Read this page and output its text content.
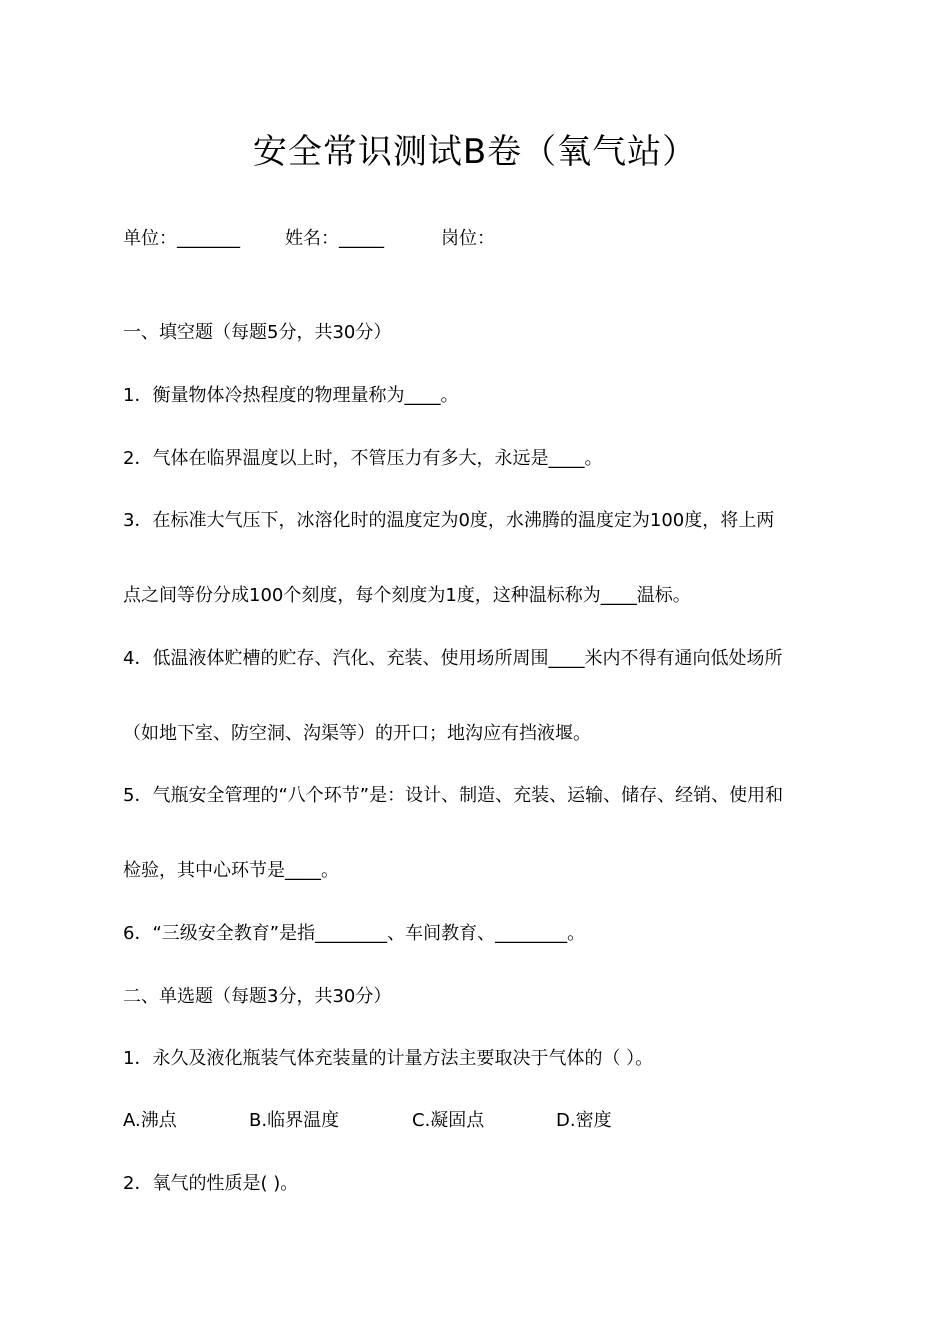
安全常识测试B卷（氧气站）
单位：_______	姓名：_____	岗位：

一、填空题（每题5分，共30分）

1．衡量物体冷热程度的物理量称为____。

2．气体在临界温度以上时，不管压力有多大，永远是____。

3．在标准大气压下，冰溶化时的温度定为0度，水沸腾的温度定为100度，将上两

点之间等份分成100个刻度，每个刻度为1度，这种温标称为____温标。

4．低温液体贮槽的贮存、汽化、充装、使用场所周围____米内不得有通向低处场所

（如地下室、防空洞、沟渠等）的开口；地沟应有挡液堰。

5．气瓶安全管理的“八个环节”是：设计、制造、充装、运输、储存、经销、使用和

检验，其中心环节是____。

6．“三级安全教育”是指________、车间教育、________。

二、单选题（每题3分，共30分）

1．永久及液化瓶装气体充装量的计量方法主要取决于气体的（ ）。

A.沸点	B.临界温度	C.凝固点	D.密度

2．氧气的性质是( )。
